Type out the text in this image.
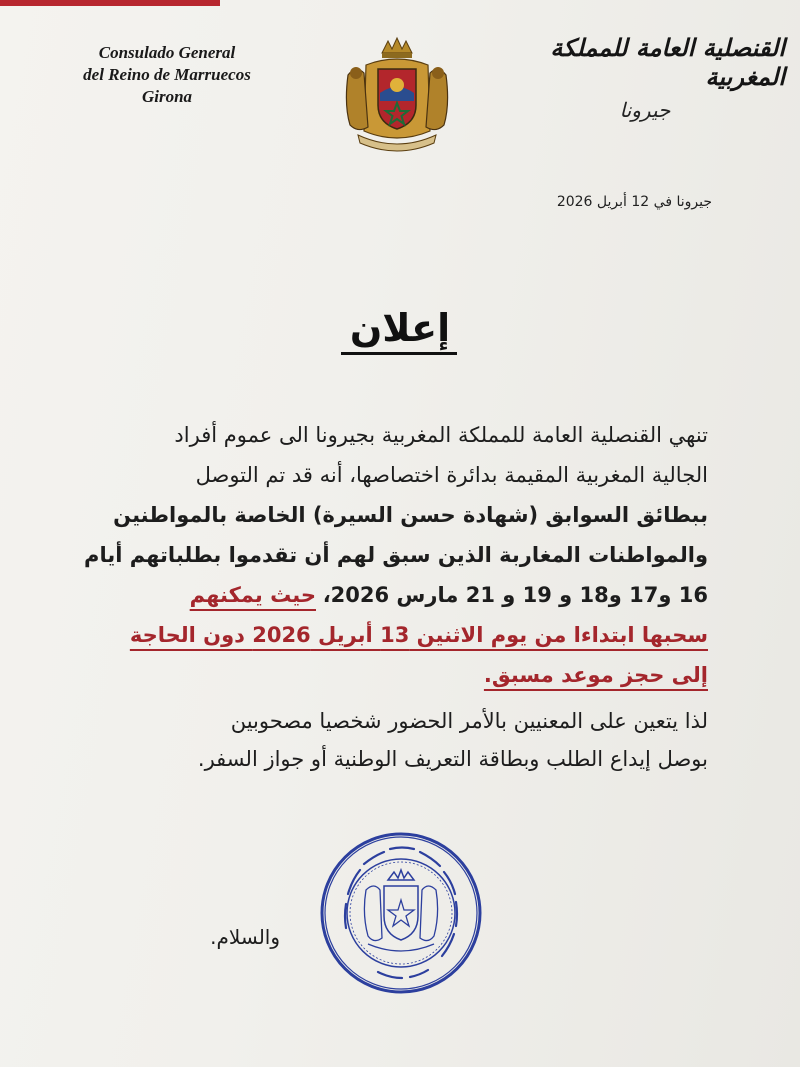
Consulado General
del Reino de Marruecos
Girona
القنصلية العامة للمملكة المغربية
جيرونا
جيرونا في 12 أبريل 2026
إعلان
تنهي القنصلية العامة للمملكة المغربية بجيرونا الى عموم أفراد
الجالية المغربية المقيمة بدائرة اختصاصها، أنه قد تم التوصل
ببطائق السوابق (شهادة حسن السيرة) الخاصة بالمواطنين
والمواطنات المغاربة الذين سبق لهم أن تقدموا بطلباتهم أيام
16 و17 و18 و 19 و 21 مارس 2026، حيث يمكنهم
سحبها ابتداءا من يوم الاثنين 13 أبريل 2026 دون الحاجة
إلى حجز موعد مسبق.
لذا يتعين على المعنيين بالأمر الحضور شخصيا مصحوبين
بوصل إيداع الطلب وبطاقة التعريف الوطنية أو جواز السفر.
والسلام.
